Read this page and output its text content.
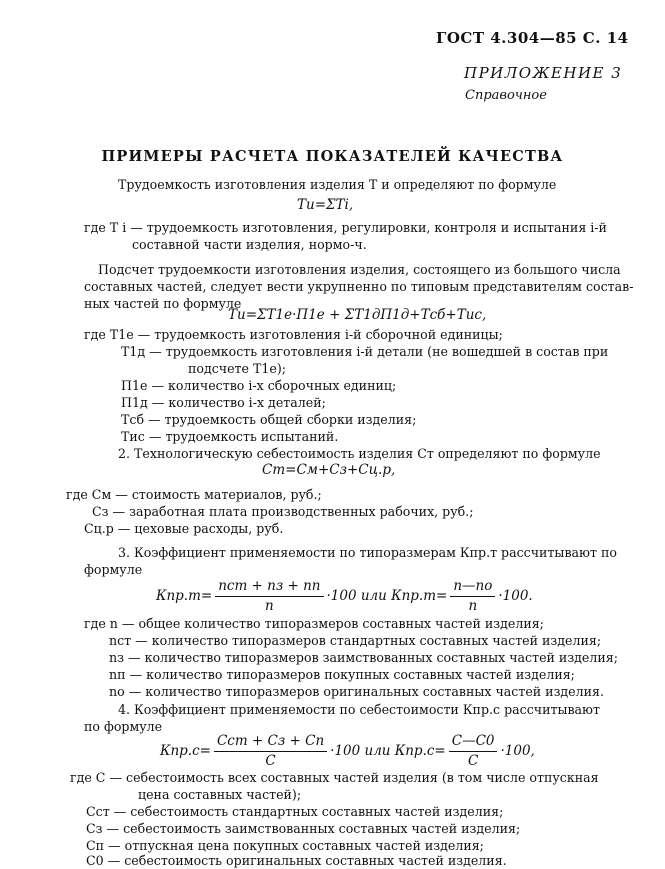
ГОСТ 4.304—85 С. 14
ПРИЛОЖЕНИЕ 3
Справочное
ПРИМЕРЫ РАСЧЕТА ПОКАЗАТЕЛЕЙ КАЧЕСТВА
Трудоемкость изготовления изделия Т и определяют по формуле
Ти=ΣТi,
где Т i — трудоемкость изготовления, регулировки, контроля и испытания i-й
составной части изделия, нормо-ч.
Подсчет трудоемкости изготовления изделия, состоящего из большого числа
составных частей, следует вести укрупненно по типовым представителям состав-
ных частей по формуле
Ти=ΣТ1е·П1е + ΣТ1дП1д+Тсб+Тис,
где Т1е — трудоемкость изготовления i-й сборочной единицы;
Т1д — трудоемкость изготовления i-й детали (не вошедшей в состав при
подсчете Т1е);
П1е — количество i-х сборочных единиц;
П1д — количество i-х деталей;
Тсб — трудоемкость общей сборки изделия;
Тис — трудоемкость испытаний.
2. Технологическую себестоимость изделия Ст определяют по формуле
Ст=См+Сз+Сц.р,
где См — стоимость материалов, руб.;
Сз — заработная плата производственных рабочих, руб.;
Сц.р — цеховые расходы, руб.
3. Коэффициент применяемости по типоразмерам Кпр.т рассчитывают по
формуле
$Кпр.т= \frac{\text{nст + nз + nп}}{n} \cdot 100$ или $Кпр.т= \frac{n—nо}{n} \cdot 100$.
где n — общее количество типоразмеров составных частей изделия;
nст — количество типоразмеров стандартных составных частей изделия;
nз — количество типоразмеров заимствованных составных частей изделия;
nп — количество типоразмеров покупных составных частей изделия;
nо — количество типоразмеров оригинальных составных частей изделия.
4. Коэффициент применяемости по себестоимости Кпр.с рассчитывают
по формуле
$Кпр.с= \frac{\text{Сст + Сз + Сп}}{С} \cdot 100$ или $Кпр.с= \frac{С—С0}{С} \cdot 100$,
где С — себестоимость всех составных частей изделия (в том числе отпускная
цена составных частей);
Сст — себестоимость стандартных составных частей изделия;
Сз — себестоимость заимствованных составных частей изделия;
Сп — отпускная цена покупных составных частей изделия;
С0 — себестоимость оригинальных составных частей изделия.
